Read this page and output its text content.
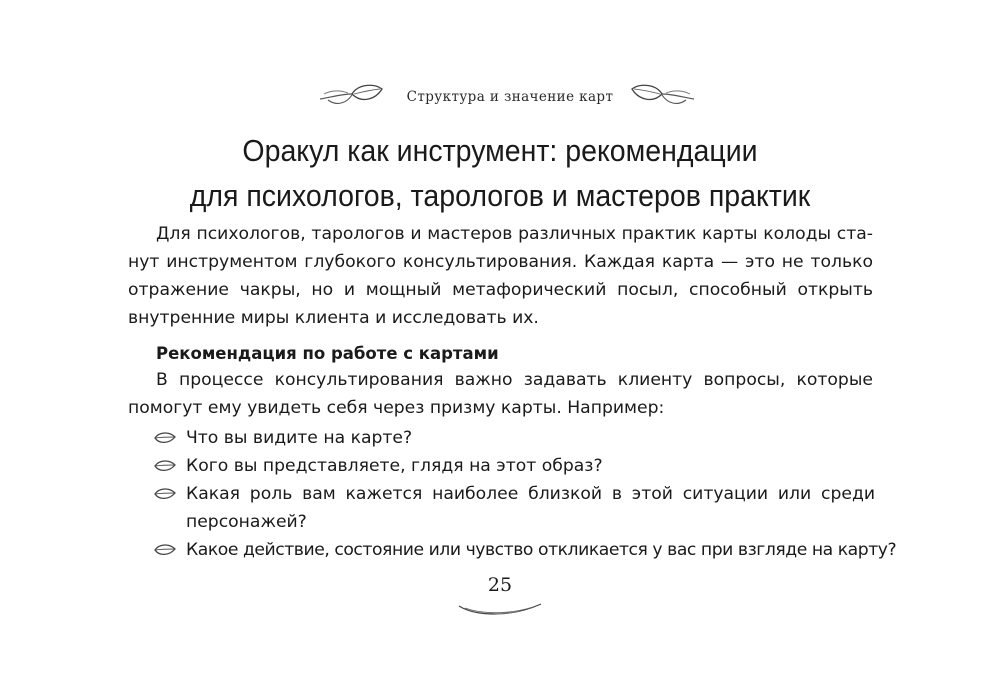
Структура и значение карт
Оракул как инструмент: рекомендации
для психологов, тарологов и мастеров практик
Для психологов, тарологов и мастеров различных практик карты колоды ста-
нут инструментом глубокого консультирования. Каждая карта — это не только
отражение чакры, но и мощный метафорический посыл, способный открыть
внутренние миры клиента и исследовать их.
Рекомендация по работе с картами
В процессе консультирования важно задавать клиенту вопросы, которые
помогут ему увидеть себя через призму карты. Например:
Что вы видите на карте?
Кого вы представляете, глядя на этот образ?
Какая роль вам кажется наиболее близкой в этой ситуации или среди
персонажей?
Какое действие, состояние или чувство откликается у вас при взгляде на карту?
25
